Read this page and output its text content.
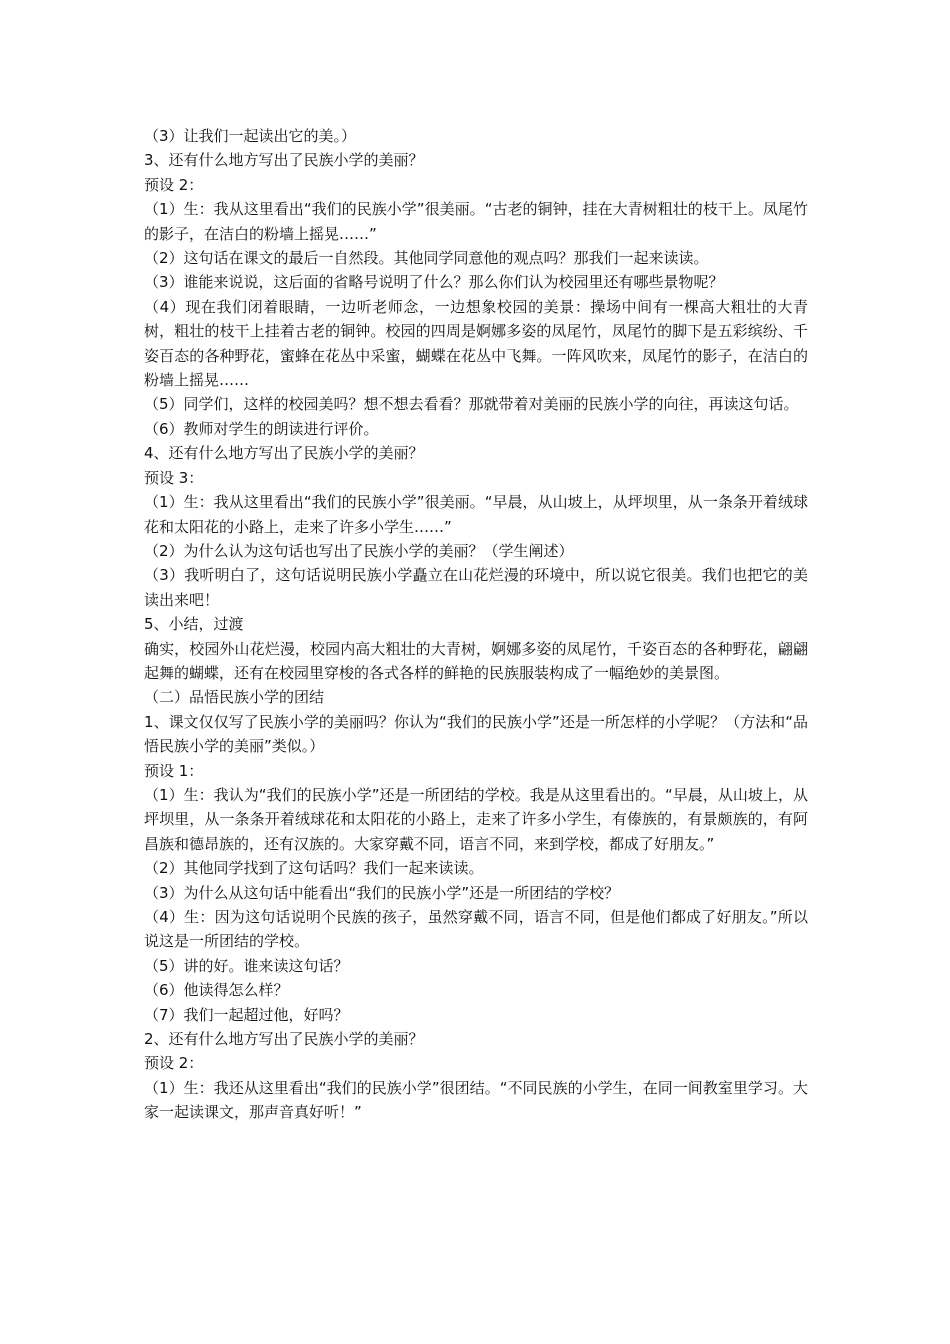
（3）让我们一起读出它的美。）

3、还有什么地方写出了民族小学的美丽？

预设 2：

（1）生：我从这里看出“我们的民族小学”很美丽。“古老的铜钟，挂在大青树粗壮的枝干上。凤尾竹的影子，在洁白的粉墙上摇晃……”

（2）这句话在课文的最后一自然段。其他同学同意他的观点吗？那我们一起来读读。

（3）谁能来说说，这后面的省略号说明了什么？那么你们认为校园里还有哪些景物呢？

（4）现在我们闭着眼睛，一边听老师念，一边想象校园的美景：操场中间有一棵高大粗壮的大青树，粗壮的枝干上挂着古老的铜钟。校园的四周是婀娜多姿的凤尾竹，凤尾竹的脚下是五彩缤纷、千姿百态的各种野花，蜜蜂在花丛中采蜜，蝴蝶在花丛中飞舞。一阵风吹来，凤尾竹的影子，在洁白的粉墙上摇晃……

（5）同学们，这样的校园美吗？想不想去看看？那就带着对美丽的民族小学的向往，再读这句话。

（6）教师对学生的朗读进行评价。

4、还有什么地方写出了民族小学的美丽？

预设 3：

（1）生：我从这里看出“我们的民族小学”很美丽。“早晨，从山坡上，从坪坝里，从一条条开着绒球花和太阳花的小路上，走来了许多小学生……”

（2）为什么认为这句话也写出了民族小学的美丽？（学生阐述）

（3）我听明白了，这句话说明民族小学矗立在山花烂漫的环境中，所以说它很美。我们也把它的美读出来吧！

5、小结，过渡

确实，校园外山花烂漫，校园内高大粗壮的大青树，婀娜多姿的凤尾竹，千姿百态的各种野花，翩翩起舞的蝴蝶，还有在校园里穿梭的各式各样的鲜艳的民族服装构成了一幅绝妙的美景图。

（二）品悟民族小学的团结

1、课文仅仅写了民族小学的美丽吗？你认为“我们的民族小学”还是一所怎样的小学呢？（方法和“品悟民族小学的美丽”类似。）

预设 1：

（1）生：我认为“我们的民族小学”还是一所团结的学校。我是从这里看出的。“早晨，从山坡上，从坪坝里，从一条条开着绒球花和太阳花的小路上，走来了许多小学生，有傣族的，有景颇族的，有阿昌族和德昂族的，还有汉族的。大家穿戴不同，语言不同，来到学校，都成了好朋友。”

（2）其他同学找到了这句话吗？我们一起来读读。

（3）为什么从这句话中能看出“我们的民族小学”还是一所团结的学校？

（4）生：因为这句话说明个民族的孩子，虽然穿戴不同，语言不同，但是他们都成了好朋友。”所以说这是一所团结的学校。

（5）讲的好。谁来读这句话？

（6）他读得怎么样？

（7）我们一起超过他，好吗？

2、还有什么地方写出了民族小学的美丽？

预设 2：

（1）生：我还从这里看出“我们的民族小学”很团结。“不同民族的小学生，在同一间教室里学习。大家一起读课文，那声音真好听！”
